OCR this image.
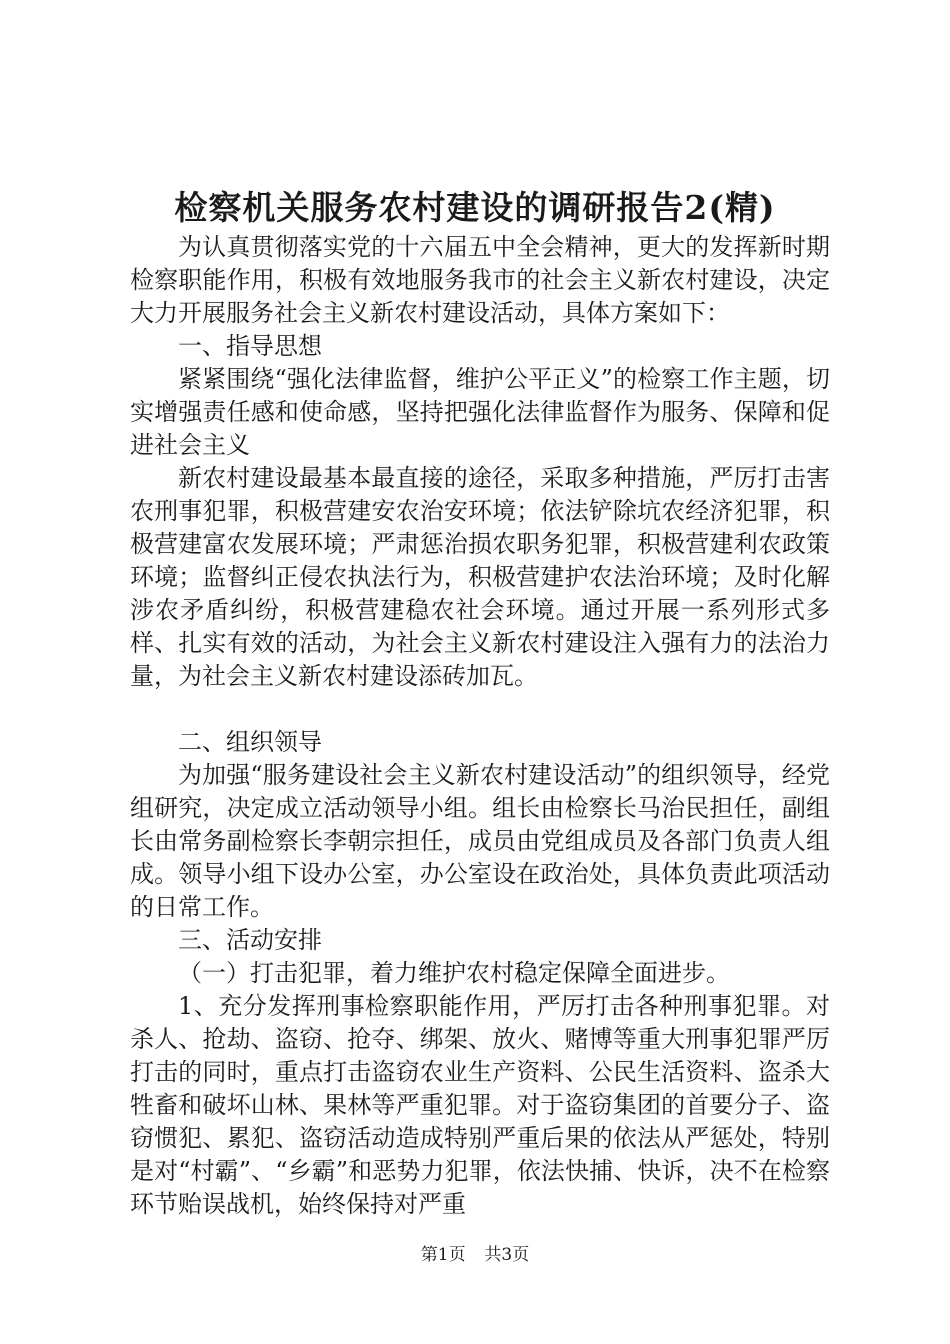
检察机关服务农村建设的调研报告2(精)

为认真贯彻落实党的十六届五中全会精神，更大的发挥新时期检察职能作用，积极有效地服务我市的社会主义新农村建设，决定大力开展服务社会主义新农村建设活动，具体方案如下：

一、指导思想

紧紧围绕“强化法律监督，维护公平正义”的检察工作主题，切实增强责任感和使命感，坚持把强化法律监督作为服务、保障和促进社会主义

新农村建设最基本最直接的途径，采取多种措施，严厉打击害农刑事犯罪，积极营建安农治安环境；依法铲除坑农经济犯罪，积极营建富农发展环境；严肃惩治损农职务犯罪，积极营建利农政策环境；监督纠正侵农执法行为，积极营建护农法治环境；及时化解涉农矛盾纠纷，积极营建稳农社会环境。通过开展一系列形式多样、扎实有效的活动，为社会主义新农村建设注入强有力的法治力量，为社会主义新农村建设添砖加瓦。

二、组织领导

为加强“服务建设社会主义新农村建设活动”的组织领导，经党组研究，决定成立活动领导小组。组长由检察长马治民担任，副组长由常务副检察长李朝宗担任，成员由党组成员及各部门负责人组成。领导小组下设办公室，办公室设在政治处，具体负责此项活动的日常工作。

三、活动安排

（一）打击犯罪，着力维护农村稳定保障全面进步。

1、充分发挥刑事检察职能作用，严厉打击各种刑事犯罪。对杀人、抢劫、盗窃、抢夺、绑架、放火、赌博等重大刑事犯罪严厉打击的同时，重点打击盗窃农业生产资料、公民生活资料、盗杀大牲畜和破坏山林、果林等严重犯罪。对于盗窃集团的首要分子、盗窃惯犯、累犯、盗窃活动造成特别严重后果的依法从严惩处，特别是对“村霸”、“乡霸”和恶势力犯罪，依法快捕、快诉，决不在检察环节贻误战机，始终保持对严重

第1页 共3页
